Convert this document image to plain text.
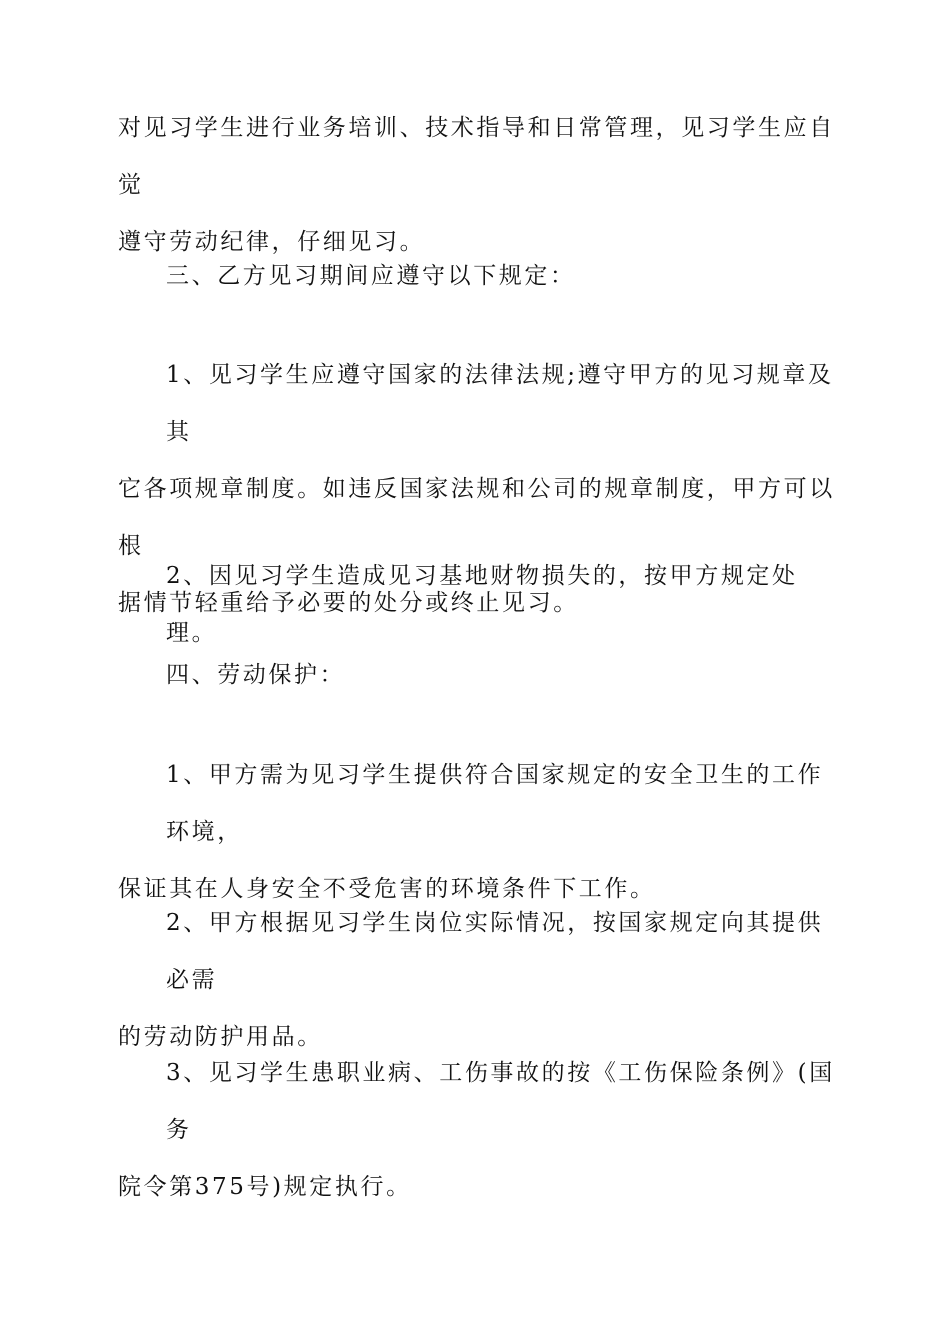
对见习学生进行业务培训、技术指导和日常管理，见习学生应自觉
遵守劳动纪律，仔细见习。
三、乙方见习期间应遵守以下规定：
1、见习学生应遵守国家的法律法规;遵守甲方的见习规章及其
它各项规章制度。如违反国家法规和公司的规章制度，甲方可以根
据情节轻重给予必要的处分或终止见习。
2、因见习学生造成见习基地财物损失的，按甲方规定处理。
四、劳动保护：
1、甲方需为见习学生提供符合国家规定的安全卫生的工作环境，
保证其在人身安全不受危害的环境条件下工作。
2、甲方根据见习学生岗位实际情况，按国家规定向其提供必需
的劳动防护用品。
3、见习学生患职业病、工伤事故的按《工伤保险条例》(国务
院令第375号)规定执行。
